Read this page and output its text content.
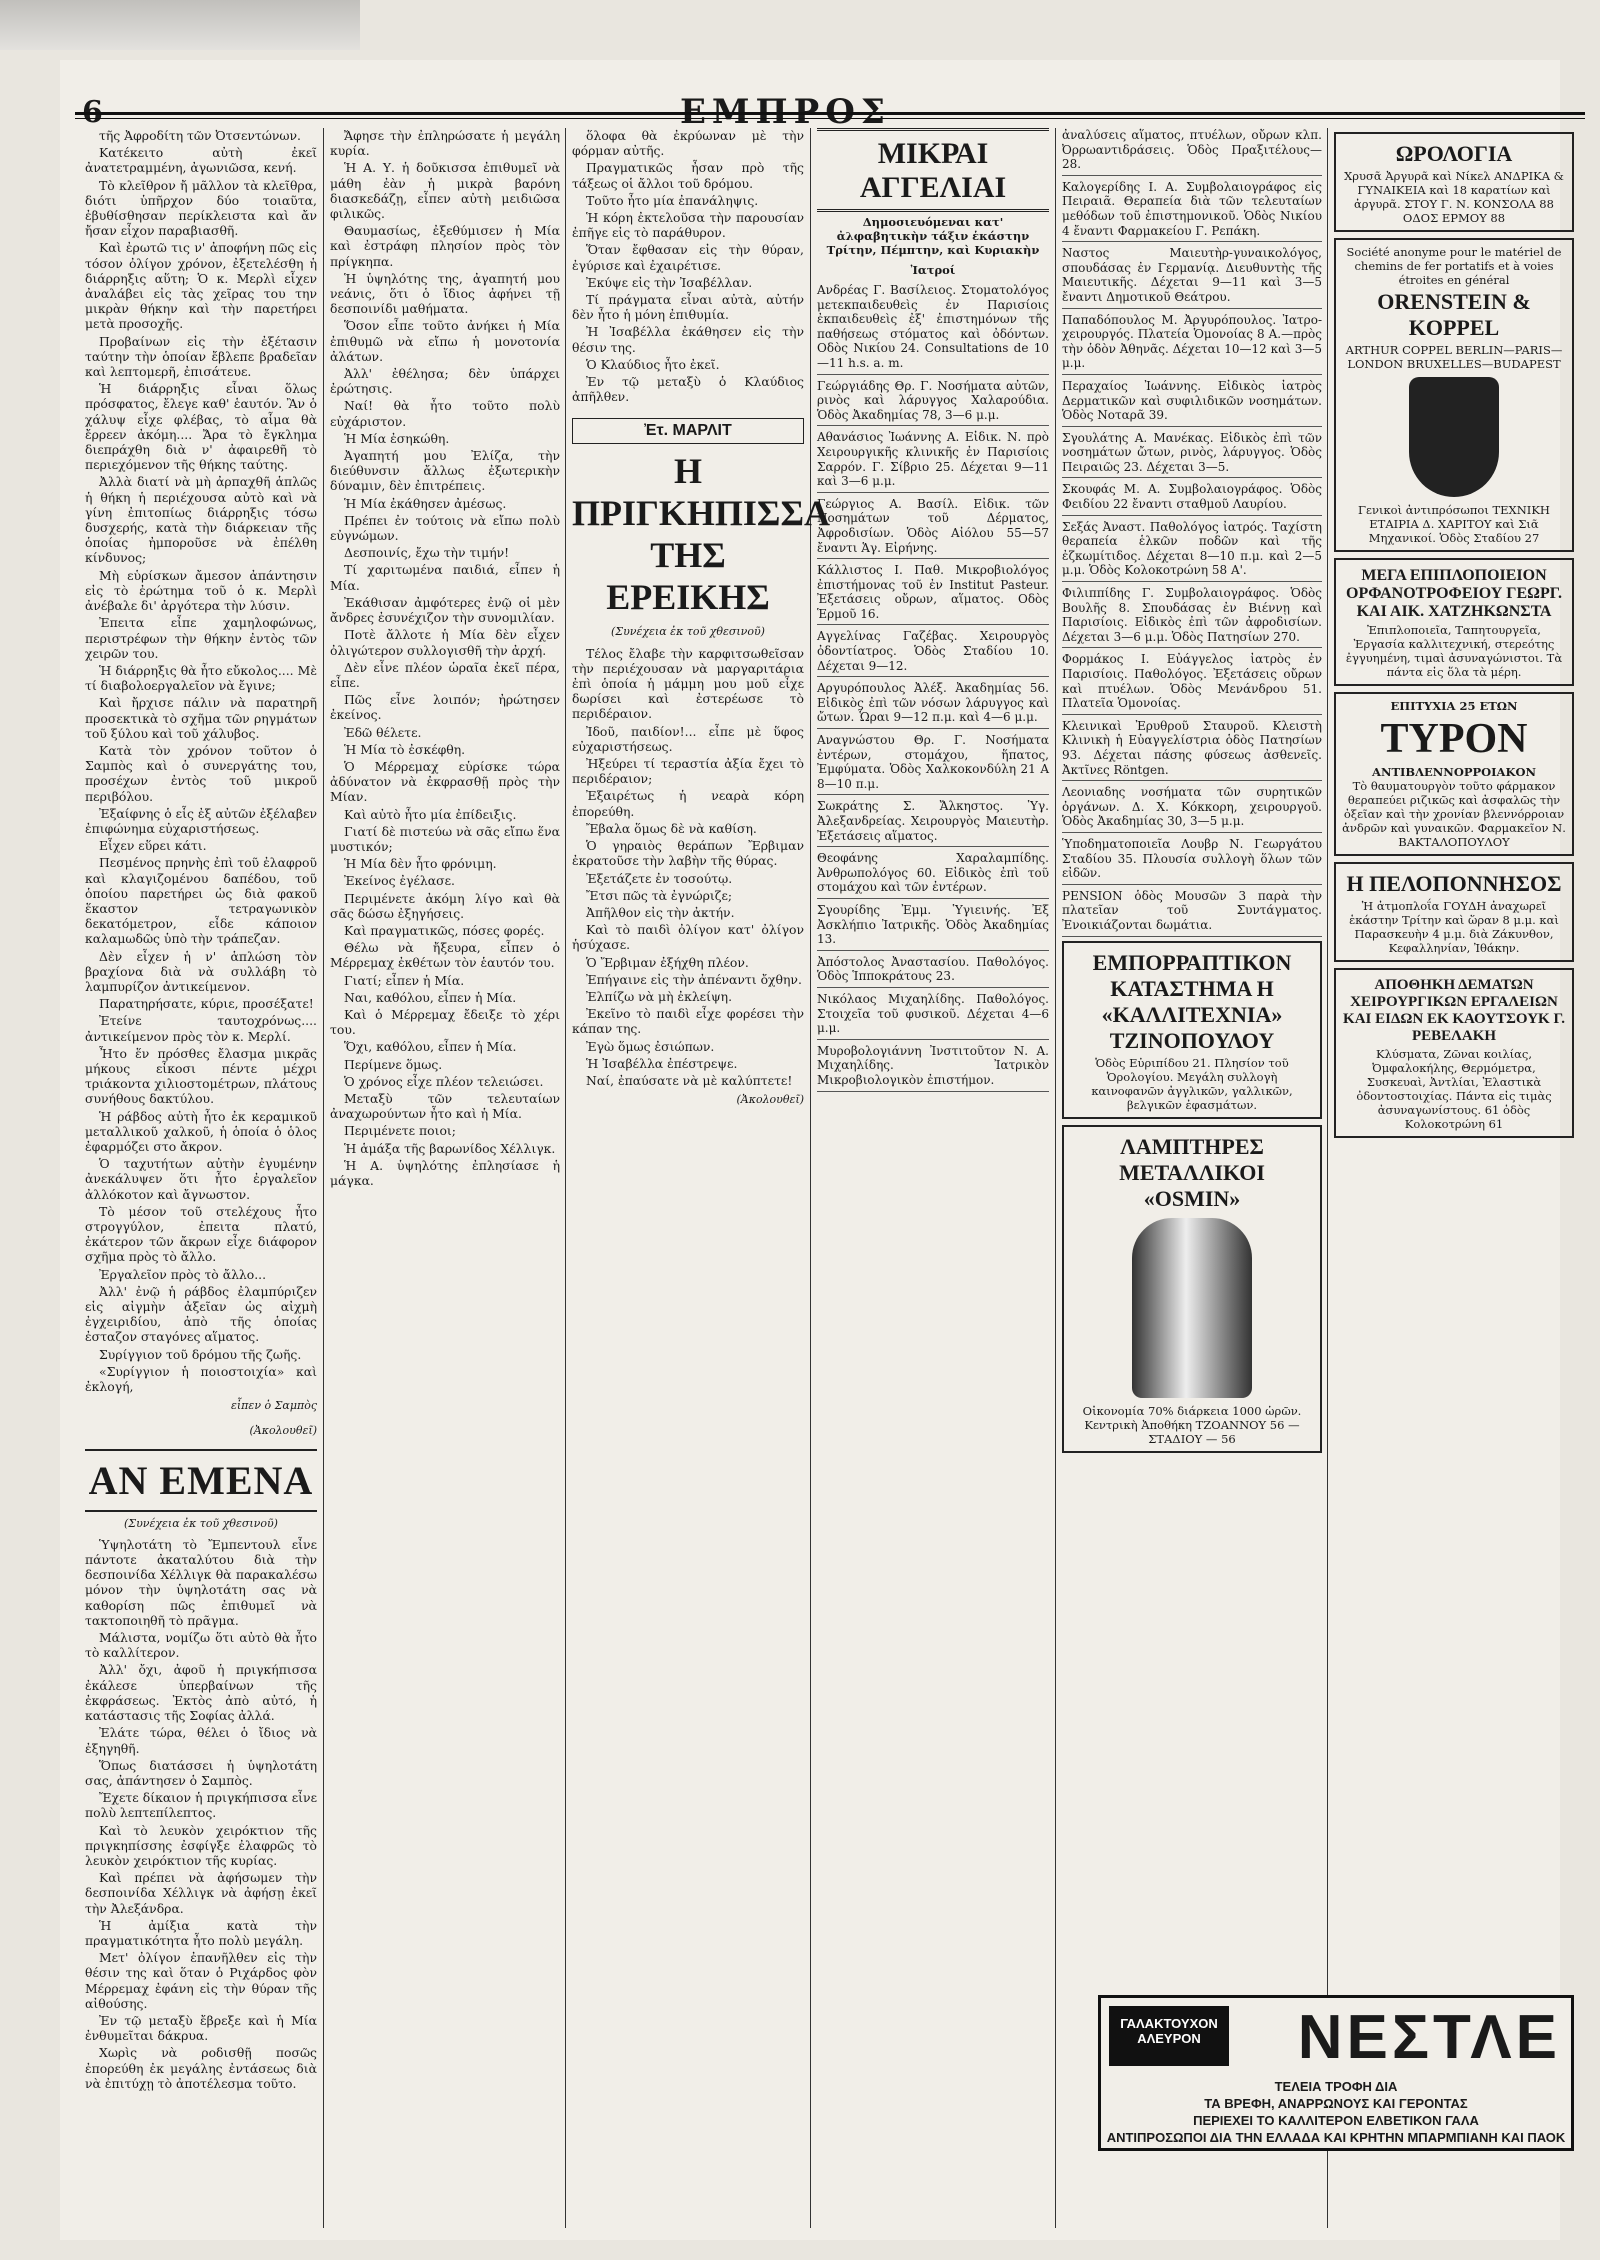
6	ΕΜΠΡΟΣ

τῆς Ἀφροδίτη τῶν Ὀτσεντώνων.

Κατέκειτο αὐτὴ ἐκεῖ ἀνατετραμμένη, ἀγωνιῶσα, κενή.

Τὸ κλεῖθρον ἤ μᾶλλον τὰ κλεῖθρα, διότι ὑπῆρχον δύο τοιαῦτα, ἐβυθίσθησαν περίκλειστα καὶ ἄν ἤσαν εἶχον παραβιασθῆ.

Καὶ ἐρωτῶ τις ν' ἀποφήνη πῶς εἰς τόσον ὀλίγον χρόνον, ἐξετελέσθη ἡ διάρρηξις αὕτη; Ὁ κ. Μερλὶ εἶχεν ἀναλάβει εἰς τὰς χεῖρας του την μικρὰν θήκην καὶ τὴν παρετήρει μετὰ προσοχῆς.

Προβαίνων εἰς τὴν ἐξέτασιν ταύτην τὴν ὁποίαν ἔβλεπε βραδεῖαν καὶ λεπτομερῆ, ἐπισάτευε.

Ἡ διάρρηξις εἶναι ὅλως πρόσφατος, ἔλεγε καθ' ἑαυτόν. Ἂν ὁ χάλυψ εἶχε φλέβας, τὸ αἷμα θὰ ἔρρεεν ἀκόμη.... Ἄρα τὸ ἔγκλημα διεπράχθη διὰ ν' ἀφαιρεθῆ τὸ περιεχόμενον τῆς θήκης ταύτης.

Ἀλλὰ διατί νὰ μὴ ἀρπαχθῆ ἁπλῶς ἡ θήκη ἡ περιέχουσα αὐτὸ καὶ νὰ γίνη ἐπιτοπίως διάρρηξις τόσω δυσχερής, κατὰ τὴν διάρκειαν τῆς ὁποίας ἠμποροῦσε νὰ ἐπέλθη κίνδυνος;

Μὴ εὑρίσκων ἄμεσον ἀπάντησιν εἰς τὸ ἐρώτημα τοῦ ὁ κ. Μερλὶ ἀνέβαλε δι' ἀργότερα τὴν λύσιν.

Ἐπειτα εἶπε χαμηλοφώνως, περιστρέφων τὴν θήκην ἐντὸς τῶν χειρῶν του.

Ἡ διάρρηξις θὰ ἦτο εὔκολος.... Μὲ τί διαβολοεργαλεῖον νὰ ἔγινε;

Καὶ ἤρχισε πάλιν νὰ παρατηρῆ προσεκτικὰ τὸ σχῆμα τῶν ρηγμάτων τοῦ ξύλου καὶ τοῦ χάλυβος.

Κατὰ τὸν χρόνον τοῦτον ὁ Σαμπὸς καὶ ὁ συνεργάτης του, προσέχων ἐντὸς τοῦ μικροῦ περιβόλου.

Ἐξαίφνης ὁ εἷς ἐξ αὐτῶν ἐξέλαβεν ἐπιφώνημα εὐχαριστήσεως.

Εἶχεν εὕρει κάτι.

Πεσμένος πρηνὴς ἐπὶ τοῦ ἐλαφροῦ καὶ κλαγιζομένου δαπέδου, τοῦ ὁποίου παρετήρει ὡς διὰ φακοῦ ἕκαστον τετραγωνικὸν δεκατόμετρον, εἶδε κάποιον καλαμωδῶς ὑπὸ τὴν τράπεζαν.

Δὲν εἶχεν ἡ ν' ἁπλώση τὸν βραχίονα διὰ νὰ συλλάβη τὸ λαμπυρίζον ἀντικείμενον.

Παρατηρήσατε, κύριε, προσέξατε!

Ἐτείνε ταυτοχρόνως.... ἀντικείμενον πρὸς τὸν κ. Μερλί.

Ἦτο ἕν πρόσθες ἔλασμα μικρᾶς μήκους εἶκοσι πέντε μέχρι τριάκοντα χιλιοστομέτρων, πλάτους συνήθους δακτύλου.

Ἡ ράβδος αὐτὴ ἦτο ἐκ κεραμικοῦ μεταλλικοῦ χαλκοῦ, ἡ ὁποία ὁ ὁλος ἐφαρμόζει στο ἄκρον.

Ὁ ταχυτήτων αὐτὴν ἐγυμένην ἀνεκάλυψεν ὅτι ἦτο ἐργαλεῖον ἀλλόκοτον καὶ ἄγνωστον.

Τὸ μέσον τοῦ στελέχους ἦτο στρογγύλον, ἐπειτα πλατύ, ἐκάτερον τῶν ἄκρων εἶχε διάφορον σχῆμα πρὸς τὸ ἄλλο.

Ἐργαλεῖον πρὸς τὸ ἄλλο...

Ἀλλ' ἐνῷ ἡ ράβδος ἐλαμπύριζεν εἰς αἰγμὴν ἀξεῖαν ὡς αἰχμὴ ἐγχειριδίου, ἀπὸ τῆς ὁποίας ἐσταζον σταγόνες αἵματος.

Συρίγγιον τοῦ δρόμου τῆς ζωῆς.

«Συρίγγιον ἡ ποιοστοιχία» καὶ ἐκλογή,

εἶπεν ὁ Σαμπὸς
(Ἀκολουθεῖ)
ΑΝ ΕΜΕΝΑ
(Συνέχεια ἐκ τοῦ χθεσινοῦ)

Ὑψηλοτάτη τὸ Ἔμπεντουλ εἶνε πάντοτε ἀκαταλύτου διὰ τὴν δεσποινίδα Χέλλιγκ θὰ παρακαλέσω μόνον τὴν ὑψηλοτάτη σας νὰ καθορίση πῶς ἐπιθυμεῖ νὰ τακτοποιηθῆ τὸ πρᾶγμα.

Μάλιστα, νομίζω ὅτι αὐτὸ θὰ ἦτο τὸ καλλίτερον.

Ἀλλ' ὄχι, ἀφοῦ ἡ πριγκήπισσα ἐκάλεσε ὑπερβαίνων τῆς ἐκφράσεως. Ἐκτὸς ἀπὸ αὐτό, ἡ κατάστασις τῆς Σοφίας ἀλλά.

Ἐλάτε τώρα, θέλει ὁ ἴδιος νὰ ἐξηγηθῆ.

Ὅπως διατάσσει ἡ ὑψηλοτάτη σας, ἀπάντησεν ὁ Σαμπὸς.

Ἔχετε δίκαιον ἡ πριγκήπισσα εἶνε πολὺ λεπτεπίλεπτος.

Καὶ τὸ λευκὸν χειρόκτιον τῆς πριγκηπίσσης ἐσφίγξε ἐλαφρῶς τὸ λευκὸν χειρόκτιον τῆς κυρίας.

Καὶ πρέπει νὰ ἀφήσωμεν τὴν δεσποινίδα Χέλλιγκ νὰ ἀφήσῃ ἐκεῖ τὴν Ἀλεξάνδρα.

Ἡ ἀμίξια κατὰ τὴν πραγματικότητα ἦτο πολὺ μεγάλη.

Μετ' ὀλίγον ἐπανῆλθεν εἰς τὴν θέσιν της καὶ ὅταν ὁ Ριχάρδος φὸν Μέρρεμαχ ἐφάνη εἰς τὴν θύραν τῆς αἰθούσης.

Ἐν τῷ μεταξὺ ἔβρεξε καὶ ἡ Μία ἐνθυμεῖται δάκρυα.

Χωρὶς νὰ ροδισθῇ ποσῶς ἐπορεύθη ἐκ μεγάλης ἐντάσεως διὰ νὰ ἐπιτύχῃ τὸ ἀποτέλεσμα τοῦτο.

Ἄφησε τὴν ἐπληρώσατε ἡ μεγάλη κυρία.

Ἡ Α. Υ. ἡ δοῦκισσα ἐπιθυμεῖ νὰ μάθη ἐὰν ἡ μικρὰ βαρόνη διασκεδάζῃ, εἶπεν αὐτὴ μειδιῶσα φιλικῶς.

Θαυμασίως, ἐξεθύμισεν ἡ Μία καὶ ἐστράφη πλησίον πρὸς τὸν πρίγκηπα.

Ἡ ὑψηλότης της, ἀγαπητή μου νεάνις, ὅτι ὁ ἴδιος ἀφήνει τῇ δεσποινίδι μαθήματα.

Ὅσον εἶπε τοῦτο ἀνήκει ἡ Μία ἐπιθυμῶ νὰ εἴπω ἡ μονοτονία ἀλάτων.

Ἀλλ' ἐθέλησα; δὲν ὑπάρχει ἐρώτησις.

Ναί! θὰ ἦτο τοῦτο πολὺ εὐχάριστον.

Ἡ Μία ἐσηκώθη.

Ἀγαπητή μου Ἐλίζα, τὴν διεύθυνσιν ἄλλως ἐξωτερικὴν δύναμιν, δὲν ἐπιτρέπεις.

Ἡ Μία ἐκάθησεν ἀμέσως.

Πρέπει ἐν τούτοις νὰ εἴπω πολὺ εὐγνώμων.

Δεσποινίς, ἔχω τὴν τιμήν!

Τί χαριτωμένα παιδιά, εἶπεν ἡ Μία.

Ἐκάθισαν ἀμφότερες ἐνῷ οἱ μὲν ἄνδρες ἐσυνέχιζον τὴν συνομιλίαν.

Ποτὲ ἄλλοτε ἡ Μία δὲν εἶχεν ὀλιγώτερον συλλογισθῆ τὴν ἀρχή.

Δὲν εἶνε πλέον ὡραῖα ἐκεῖ πέρα, εἶπε.

Πῶς εἶνε λοιπόν; ἠρώτησεν ἐκείνος.

Ἐδῶ θέλετε.

Ἡ Μία τὸ ἐσκέφθη.

Ὁ Μέρρεμαχ εὑρίσκε τώρα ἀδύνατον νὰ ἐκφρασθῇ πρὸς τὴν Μίαν.

Καὶ αὐτὸ ἦτο μία ἐπίδειξις.

Γιατί δὲ πιστεύω νὰ σᾶς εἴπω ἕνα μυστικόν;

Ἡ Μία δὲν ἦτο φρόνιμη.

Ἐκείνος ἐγέλασε.

Περιμένετε ἀκόμη λίγο καὶ θὰ σᾶς δώσω ἐξηγήσεις.

Καὶ πραγματικῶς, πόσες φορές.

Θέλω νὰ ἤξευρα, εἶπεν ὁ Μέρρεμαχ ἐκθέτων τὸν ἑαυτόν του.

Γιατί; εἶπεν ἡ Μία.

Ναι, καθόλου, εἶπεν ἡ Μία.

Καὶ ὁ Μέρρεμαχ ἔδειξε τὸ χέρι του.

Ὅχι, καθόλου, εἶπεν ἡ Μία.

Περίμενε ὅμως.

Ὁ χρόνος εἶχε πλέον τελειώσει.

Μεταξὺ τῶν τελευταίων ἀναχωρούντων ἦτο καὶ ἡ Μία.

Περιμένετε ποιοι;

Ἡ ἁμάξα τῆς βαρωνίδος Χέλλιγκ.

Ἡ Α. ὑψηλότης ἐπλησίασε ἡ μάγκα.

ὅλοφα θὰ ἐκρύωναν μὲ τὴν φόρμαν αὐτῆς.

Πραγματικῶς ἦσαν πρὸ τῆς τάξεως οἱ ἄλλοι τοῦ δρόμου.

Τοῦτο ἦτο μία ἐπανάληψις.

Ἡ κόρη ἐκτελοῦσα τὴν παρουσίαν ἐπῆγε εἰς τὸ παράθυρον.

Ὅταν ἔφθασαν εἰς τὴν θύραν, ἐγύρισε καὶ ἐχαιρέτισε.

Ἐκύψε εἰς τὴν Ἰσαβέλλαν.

Τί πράγματα εἶναι αὐτὰ, αὐτήν δὲν ἦτο ἡ μόνη ἐπιθυμία.

Ἠ Ἰσαβέλλα ἐκάθησεν εἰς τὴν θέσιν της.

Ὁ Κλαύδιος ἦτο ἐκεῖ.

Ἐν τῷ μεταξὺ ὁ Κλαύδιος ἀπῆλθεν.

Ἐτ. ΜΑΡΛΙΤ
Η ΠΡΙΓΚΗΠΙΣΣΑ ΤΗΣ ΕΡΕΙΚΗΣ
(Συνέχεια ἐκ τοῦ χθεσινοῦ)

Τέλος ἔλαβε τὴν καρφιτσωθεῖσαν τὴν περιέχουσαν νὰ μαργαριτάρια ἐπὶ ὁποία ἡ μάμμη μου μοῦ εἶχε δωρίσει καὶ ἐστερέωσε τὸ περιδέραιον.

Ἰδοῦ, παιδίον!... εἶπε μὲ ὕφος εὐχαριστήσεως.

Ἠξεύρει τί τεραστία ἀξία ἔχει τὸ περιδέραιον;

Ἐξαιρέτως ἡ νεαρὰ κόρη ἐπορεύθη.

Ἔβαλα ὅμως δὲ νὰ καθίση.

Ὁ γηραιὸς θεράπων Ἔρβιμαν ἐκρατοῦσε τὴν λαβὴν τῆς θύρας.

Ἐξετάζετε ἐν τοσούτῳ.

Ἔτσι πῶς τὰ ἐγνώριζε;

Ἀπῆλθον εἰς τὴν ἀκτήν.

Καὶ τὸ παιδὶ ὀλίγον κατ' ὀλίγον ἡσύχασε.

Ὁ Ἔρβιμαν ἐξήχθη πλέον.

Ἐπήγαινε εἰς τὴν ἀπέναντι ὄχθην.

Ἐλπίζω νὰ μὴ ἐκλείψη.

Ἐκεῖνο τὸ παιδὶ εἶχε φορέσει τὴν κάπαν της.

Ἐγὼ ὅμως ἐσιώπων.

Ἡ Ἰσαβέλλα ἐπέστρεψε.

Ναί, ἐπαύσατε νὰ μὲ καλύπτετε!

(Ἀκολουθεῖ)
ΜΙΚΡΑΙ ΑΓΓΕΛΙΑΙ
Δημοσιευόμεναι κατ' ἀλφαβητικὴν τάξιν ἑκάστην Τρίτην, Πέμπτην, καὶ Κυριακὴν
Ἰατροί
Ανδρέας Γ. Βασίλειος. Στοματολόγος μετεκπαιδευθεὶς ἐν Παρισίοις ἐκπαιδευθεὶς ἐξ' ἐπιστημόνων τῆς παθήσεως στόματος καὶ ὀδόντων. Οδὸς Νικίου 24. Consultations de 10—11 h.s. a. m.
Γεώργιάδης Θρ. Γ. Νοσήματα αὐτῶν, ρινὸς καὶ λάρυγγος Χαλαρούδια. Ὁδὸς Ἀκαδημίας 78, 3—6 μ.μ.
Αθανάσιος Ἰωάννης Α. Εἰδικ. Ν. πρὸ Χειρουργικῆς κλινικῆς ἐν Παρισίοις Σαρρόν. Γ. Σίβριο 25. Δέχεται 9—11 καὶ 3—6 μ.μ.
Γεώργιος Α. Βασίλ. Εἰδικ. τῶν Νοσημάτων τοῦ Δέρματος, Ἀφροδισίων. Ὁδὸς Αἰόλου 55—57 ἔναντι Ἁγ. Εἰρήνης.
Κάλλιστος Ι. Παθ. Μικροβιολόγος ἐπιστήμονας τοῦ ἐν Institut Pasteur. Ἐξετάσεις οὔρων, αἵματος. Οδὸς Ἑρμοῦ 16.
Αγγελίνας Γαζέβας. Χειρουργὸς ὀδοντίατρος. Ὁδὸς Σταδίου 10. Δέχεται 9—12.
Αργυρόπουλος Ἀλέξ. Ἀκαδημίας 56. Εἰδικὸς ἐπὶ τῶν νόσων λάρυγγος καὶ ὤτων. Ὧραι 9—12 π.μ. καὶ 4—6 μ.μ.
Αναγνώστου Θρ. Γ. Νοσήματα ἐντέρων, στομάχου, ἥπατος, Ἐμφύματα. Ὁδὸς Χαλκοκονδύλη 21 Α 8—10 π.μ.
Σωκράτης Σ. Ἄλκηστος. Ὑγ. Ἀλεξανδρείας. Χειρουργὸς Μαιευτὴρ. Ἐξετάσεις αἵματος.
Θεοφάνης Χαραλαμπίδης. Ἀνθρωπολόγος 60. Εἰδικὸς ἐπὶ τοῦ στομάχου καὶ τῶν ἐντέρων.
Σγουρίδης Ἐμμ. Ὑγιεινής. Ἐξ Ἀσκλήπιο Ἰατρικῆς. Ὁδὸς Ἀκαδημίας 13.
Ἀπόστολος Ἀναστασίου. Παθολόγος. Ὁδὸς Ἱπποκράτους 23.
Νικόλαος Μιχαηλίδης. Παθολόγος. Στοιχεῖα τοῦ φυσικοῦ. Δέχεται 4—6 μ.μ.
Μυροβολογιάννη Ἰνστιτοῦτον Ν. Α. Μιχαηλίδης. Ἰατρικὸν Μικροβιολογικὸν ἐπιστήμον.
ἀναλύσεις αἵματος, πτυέλων, οὔρων κλπ. Ὀρρωαντιδράσεις. Ὁδὸς Πραξιτέλους—28.
Καλογερίδης Ι. Α. Συμβολαιογράφος εἰς Πειραιᾶ. Θεραπεία διὰ τῶν τελευταίων μεθόδων τοῦ ἐπιστημονικοῦ. Ὁδὸς Νικίου 4 ἔναντι Φαρμακείου Γ. Ρεπάκη.
Ναστος Μαιευτὴρ-γυναικολόγος, σπουδάσας ἐν Γερμανίᾳ. Διευθυντὴς τῆς Μαιευτικῆς. Δέχεται 9—11 καὶ 3—5 ἔναντι Δημοτικοῦ Θεάτρου.
Παπαδόπουλος Μ. Ἀργυρόπουλος. Ἰατρο-χειρουργός. Πλατεία Ὁμονοίας 8 Α.—πρὸς τὴν ὁδὸν Ἀθηνᾶς. Δέχεται 10—12 καὶ 3—5 μ.μ.
Περαχαίος Ἰωάννης. Εἰδικὸς ἰατρὸς Δερματικῶν καὶ συφιλιδικῶν νοσημάτων. Ὁδὸς Νοταρᾶ 39.
Σγουλάτης Α. Μανέκας. Εἰδικὸς ἐπὶ τῶν νοσημάτων ὤτων, ρινὸς, λάρυγγος. Ὁδὸς Πειραιῶς 23. Δέχεται 3—5.
Σκουφάς Μ. Α. Συμβολαιογράφος. Ὁδὸς Φειδίου 22 ἔναντι σταθμοῦ Λαυρίου.
Σεξάς Ἀναστ. Παθολόγος ἰατρός. Ταχίστη θεραπεία ἑλκῶν ποδῶν καὶ τῆς ἐζκωμίτιδος. Δέχεται 8—10 π.μ. καὶ 2—5 μ.μ. Ὁδὸς Κολοκοτρώνη 58 Α'.
Φιλιππίδης Γ. Συμβολαιογράφος. Ὁδὸς Βουλῆς 8. Σπουδάσας ἐν Βιέννῃ καὶ Παρισίοις. Εἰδικὸς ἐπὶ τῶν ἀφροδισίων. Δέχεται 3—6 μ.μ. Ὁδὸς Πατησίων 270.
Φορμάκος Ι. Εὐάγγελος ἰατρὸς ἐν Παρισίοις. Παθολόγος. Ἐξετάσεις οὔρων καὶ πτυέλων. Ὁδὸς Μενάνδρου 51. Πλατεῖα Ὁμονοίας.
Κλεινικαὶ Ἐρυθροῦ Σταυροῦ. Κλειστὴ Κλινικὴ ἡ Εὐαγγελίστρια ὁδὸς Πατησίων 93. Δέχεται πάσης φύσεως ἀσθενεῖς. Ἀκτῖνες Röntgen.
Λεονιαδης νοσήματα τῶν συρητικῶν ὀργάνων. Δ. Χ. Κόκκορη, χειρουργοῦ. Ὁδὸς Ἀκαδημίας 30, 3—5 μ.μ.
Ὑποδηματοποιεῖα Λουβρ Ν. Γεωργάτου Σταδίου 35. Πλουσία συλλογὴ ὅλων τῶν εἰδῶν.
PENSION ὁδὸς Μουσῶν 3 παρὰ τὴν πλατεῖαν τοῦ Συντάγματος. Ἐνοικιάζονται δωμάτια.
ΕΜΠΟΡΡΑΠΤΙΚΟΝ ΚΑΤΑΣΤΗΜΑ Η «ΚΑΛΛΙΤΕΧΝΙΑ» ΤΖΙΝΟΠΟΥΛΟΥ
Ὁδὸς Εὐριπίδου 21. Πλησίον τοῦ Ὁρολογίου. Μεγάλη συλλογὴ καινοφανῶν ἀγγλικῶν, γαλλικῶν, βελγικῶν ἐφασμάτων.
ΛΑΜΠΤΗΡΕΣ ΜΕΤΑΛΛΙΚΟΙ «OSMIN»
Οἰκονομία 70% διάρκεια 1000 ὡρῶν. Κεντρικὴ Ἀποθήκη ΤΖΟΑΝΝΟΥ 56 — ΣΤΑΔΙΟΥ — 56
ΩΡΟΛΟΓΙΑ
Χρυσᾶ Ἀργυρᾶ καὶ Νίκελ ΑΝΔΡΙΚΑ & ΓΥΝΑΙΚΕΙΑ καὶ 18 καρατίων καὶ ἀργυρᾶ. ΣΤΟΥ Γ. Ν. ΚΟΝΣΟΛΑ 88 ΟΔΟΣ ΕΡΜΟΥ 88
Société anonyme pour le matériel de chemins de fer portatifs et à voies étroites en général
ORENSTEIN & KOPPEL
ARTHUR COPPEL BERLIN—PARIS—LONDON BRUXELLES—BUDAPEST
Γενικοὶ ἀντιπρόσωποι ΤΕΧΝΙΚΗ ΕΤΑΙΡΙΑ Δ. ΧΑΡΙΤΟΥ καὶ Σιᾶ Μηχανικοί. Ὁδὸς Σταδίου 27
ΜΕΓΑ ΕΠΙΠΛΟΠΟΙΕΙΟΝ ΟΡΦΑΝΟΤΡΟΦΕΙΟΥ ΓΕΩΡΓ. ΚΑΙ ΑΙΚ. ΧΑΤΖΗΚΩΝΣΤΑ
Ἐπιπλοποιεῖα, Ταπητουργεῖα, Ἐργασία καλλιτεχνική, στερεότης ἐγγυημένη, τιμαὶ ἀσυναγώνιστοι. Τὰ πάντα εἰς ὅλα τὰ μέρη.
ΕΠΙΤΥΧΙΑ 25 ΕΤΩΝ
ΤΥΡΟΝ
ΑΝΤΙΒΛΕΝΝΟΡΡΟΙΑΚΟΝ
Τὸ θαυματουργὸν τοῦτο φάρμακον θεραπεύει ριζικῶς καὶ ἀσφαλῶς τὴν ὀξεῖαν καὶ τὴν χρονίαν βλεννόρροιαν ἀνδρῶν καὶ γυναικῶν. Φαρμακεῖον Ν. ΒΑΚΤΑΛΟΠΟΥΛΟΥ
Η ΠΕΛΟΠΟΝΝΗΣΟΣ
Ἡ ἀτμοπλοΐα ΓΟΥΔΗ ἀναχωρεῖ ἑκάστην Τρίτην καὶ ὥραν 8 μ.μ. καὶ Παρασκευὴν 4 μ.μ. διὰ Ζάκυνθον, Κεφαλληνίαν, Ἰθάκην.
ΑΠΟΘΗΚΗ ΔΕΜΑΤΩΝ ΧΕΙΡΟΥΡΓΙΚΩΝ ΕΡΓΑΛΕΙΩΝ ΚΑΙ ΕΙΔΩΝ ΕΚ ΚΑΟΥΤΣΟΥΚ Γ. ΡΕΒΕΛΑΚΗ
Κλύσματα, Ζῶναι κοιλίας, Ὀμφαλοκήλης, Θερμόμετρα, Συσκευαὶ, Ἀντλίαι, Ἐλαστικὰ ὀδοντοστοιχίας. Πάντα εἰς τιμὰς ἀσυναγωνίστους. 61 ὁδὸς Κολοκοτρώνη 61
ΓΑΛΑΚΤΟΥΧΟΝ ΑΛΕΥΡΟΝ	ΝΕΣΤΛΕ
ΤΕΛΕΙΑ ΤΡΟΦΗ ΔΙΑ
ΤΑ ΒΡΕΦΗ, ΑΝΑΡΡΩΝΟΥΣ ΚΑΙ ΓΕΡΟΝΤΑΣ
ΠΕΡΙΕΧΕΙ ΤΟ ΚΑΛΛΙΤΕΡΟΝ ΕΛΒΕΤΙΚΟΝ ΓΑΛΑ
ΑΝΤΙΠΡΟΣΩΠΟΙ ΔΙΑ ΤΗΝ ΕΛΛΑΔΑ ΚΑΙ ΚΡΗΤΗΝ ΜΠΑΡΜΠΙΑΝΗ ΚΑΙ ΠΑΟΚ
